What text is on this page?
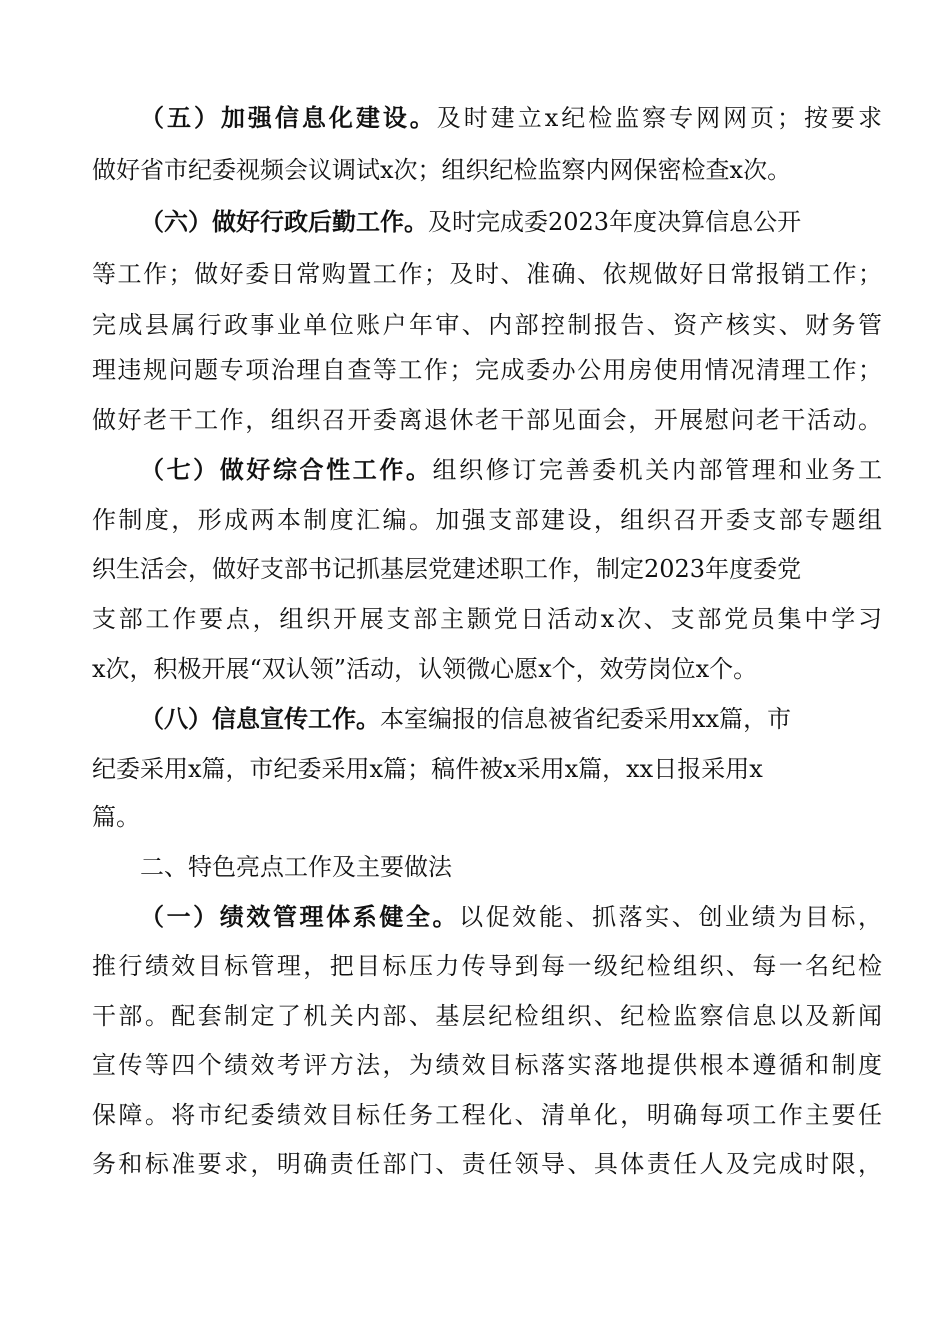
（五）加强信息化建设。及时建立x纪检监察专网网页；按要求
做好省市纪委视频会议调试x次；组织纪检监察内网保密检查x次。
（六）做好行政后勤工作。及时完成委2023年度决算信息公开
等工作；做好委日常购置工作；及时、准确、依规做好日常报销工作；
完成县属行政事业单位账户年审、内部控制报告、资产核实、财务管
理违规问题专项治理自查等工作；完成委办公用房使用情况清理工作；
做好老干工作，组织召开委离退休老干部见面会，开展慰问老干活动。
（七）做好综合性工作。组织修订完善委机关内部管理和业务工
作制度，形成两本制度汇编。加强支部建设，组织召开委支部专题组
织生活会，做好支部书记抓基层党建述职工作，制定2023年度委党
支部工作要点，组织开展支部主颢党日活动x次、支部党员集中学习
x次，积极开展“双认领”活动，认领微心愿x个，效劳岗位x个。
（八）信息宣传工作。本室编报的信息被省纪委采用xx篇，市
纪委采用x篇，市纪委采用x篇；稿件被x采用x篇，xx日报采用x
篇。
二、特色亮点工作及主要做法
（一）绩效管理体系健全。以促效能、抓落实、创业绩为目标，
推行绩效目标管理，把目标压力传导到每一级纪检组织、每一名纪检
干部。配套制定了机关内部、基层纪检组织、纪检监察信息以及新闻
宣传等四个绩效考评方法，为绩效目标落实落地提供根本遵循和制度
保障。将市纪委绩效目标任务工程化、清单化，明确每项工作主要任
务和标准要求，明确责任部门、责任领导、具体责任人及完成时限，
